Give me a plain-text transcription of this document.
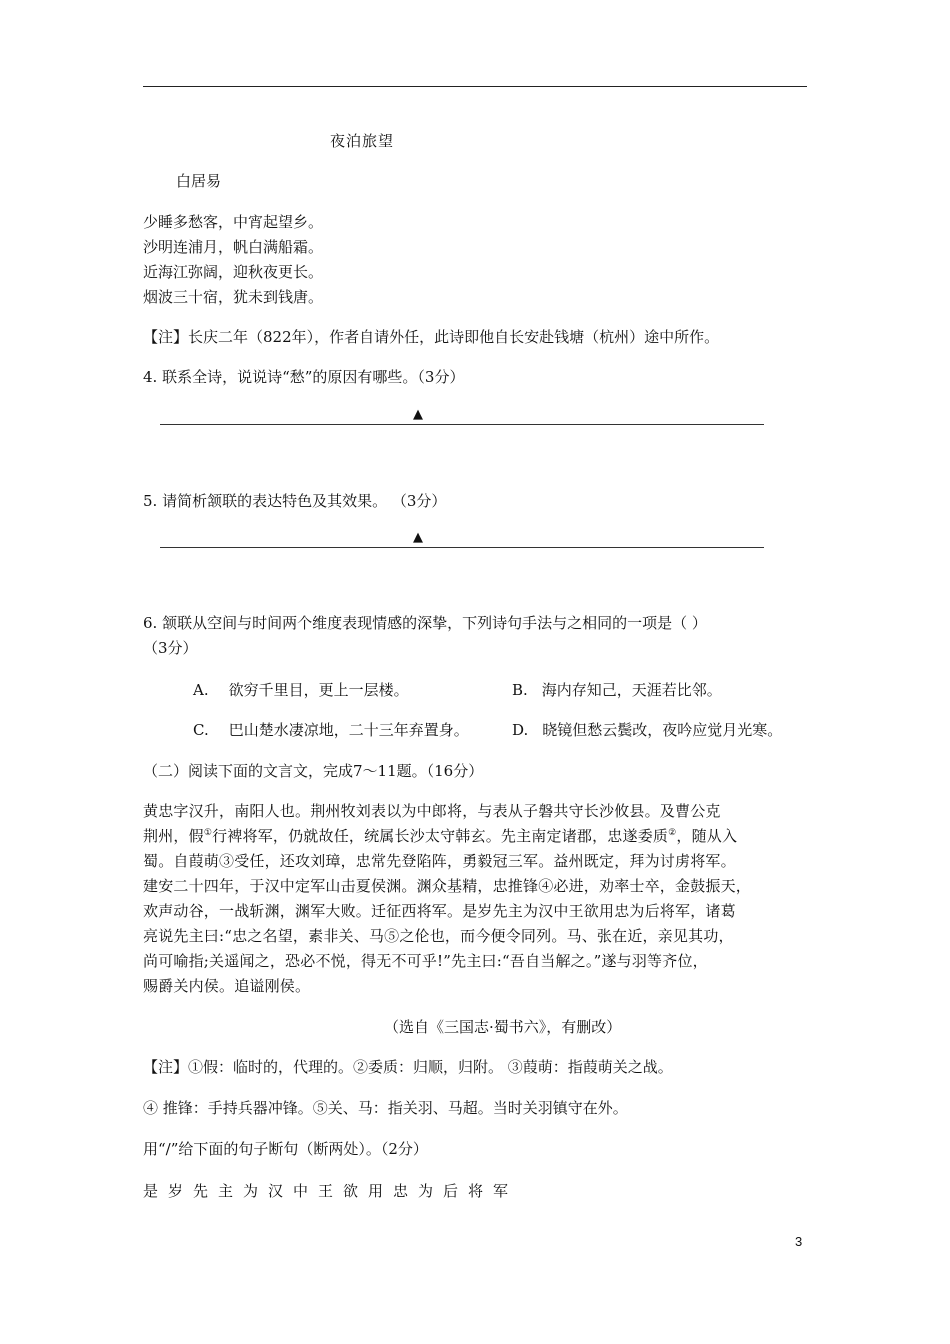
夜泊旅望
白居易
少睡多愁客，中宵起望乡。
沙明连浦月，帆白满船霜。
近海江弥阔，迎秋夜更长。
烟波三十宿，犹未到钱唐。
【注】长庆二年（822年），作者自请外任，此诗即他自长安赴钱塘（杭州）途中所作。
4. 联系全诗，说说诗“愁”的原因有哪些。（3分）
▲
5. 请简析颔联的表达特色及其效果。 （3分）
▲
6. 颔联从空间与时间两个维度表现情感的深挚，下列诗句手法与之相同的一项是（ ）
（3分）
A. 欲穷千里目，更上一层楼。	B. 海内存知己，天涯若比邻。
C. 巴山楚水凄凉地，二十三年弃置身。	D. 晓镜但愁云鬓改，夜吟应觉月光寒。
（二）阅读下面的文言文，完成7～11题。（16分）
黄忠字汉升，南阳人也。荆州牧刘表以为中郎将，与表从子磐共守长沙攸县。及曹公克
荆州，假①行裨将军，仍就故任，统属长沙太守韩玄。先主南定诸郡，忠遂委质②，随从入
蜀。自葭萌③受任，还攻刘璋，忠常先登陷阵，勇毅冠三军。益州既定，拜为讨虏将军。
建安二十四年，于汉中定军山击夏侯渊。渊众基精，忠推锋④必进，劝率士卒，金鼓振天，
欢声动谷，一战斩渊，渊军大败。迁征西将军。是岁先主为汉中王欲用忠为后将军，诸葛
亮说先主曰:“忠之名望，素非关、马⑤之伦也，而今便令同列。马、张在近，亲见其功，
尚可喻指;关遥闻之，恐必不悦，得无不可乎!”先主曰:“吾自当解之。”遂与羽等齐位，
赐爵关内侯。追谥刚侯。
（选自《三国志·蜀书六》，有删改）
【注】①假：临时的，代理的。②委质：归顺，归附。 ③葭萌：指葭萌关之战。
④ 推锋：手持兵器冲锋。⑤关、马：指关羽、马超。当时关羽镇守在外。
用“/”给下面的句子断句（断两处）。（2分）
是岁先主为汉中王欲用忠为后将军
3
